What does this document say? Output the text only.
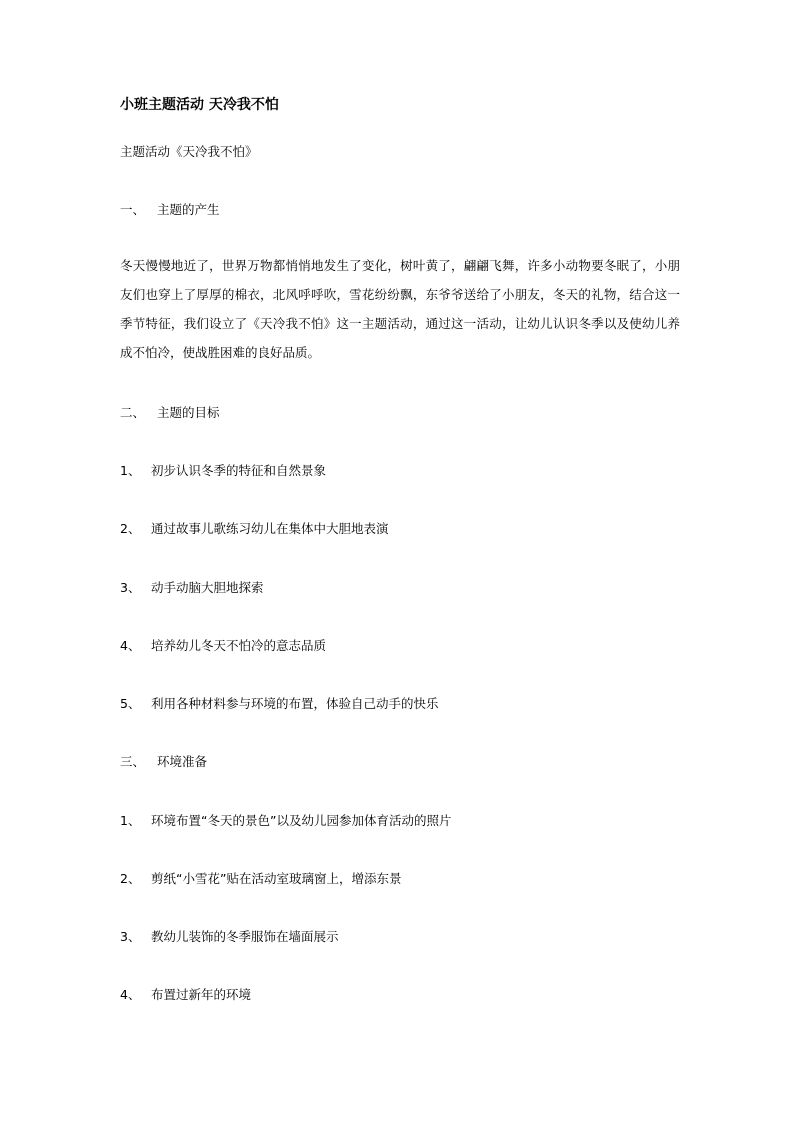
小班主题活动 天冷我不怕
主题活动《天冷我不怕》
一、 主题的产生
冬天慢慢地近了，世界万物都悄悄地发生了变化，树叶黄了，翩翩飞舞，许多小动物要冬眠了，小朋友们也穿上了厚厚的棉衣，北风呼呼吹，雪花纷纷飘，东爷爷送给了小朋友，冬天的礼物，结合这一季节特征，我们设立了《天冷我不怕》这一主题活动，通过这一活动，让幼儿认识冬季以及使幼儿养成不怕冷，使战胜困难的良好品质。
二、 主题的目标
1、 初步认识冬季的特征和自然景象
2、 通过故事儿歌练习幼儿在集体中大胆地表演
3、 动手动脑大胆地探索
4、 培养幼儿冬天不怕冷的意志品质
5、 利用各种材料参与环境的布置，体验自己动手的快乐
三、 环境准备
1、 环境布置“冬天的景色”以及幼儿园参加体育活动的照片
2、 剪纸“小雪花”贴在活动室玻璃窗上，增添东景
3、 教幼儿装饰的冬季服饰在墙面展示
4、 布置过新年的环境
